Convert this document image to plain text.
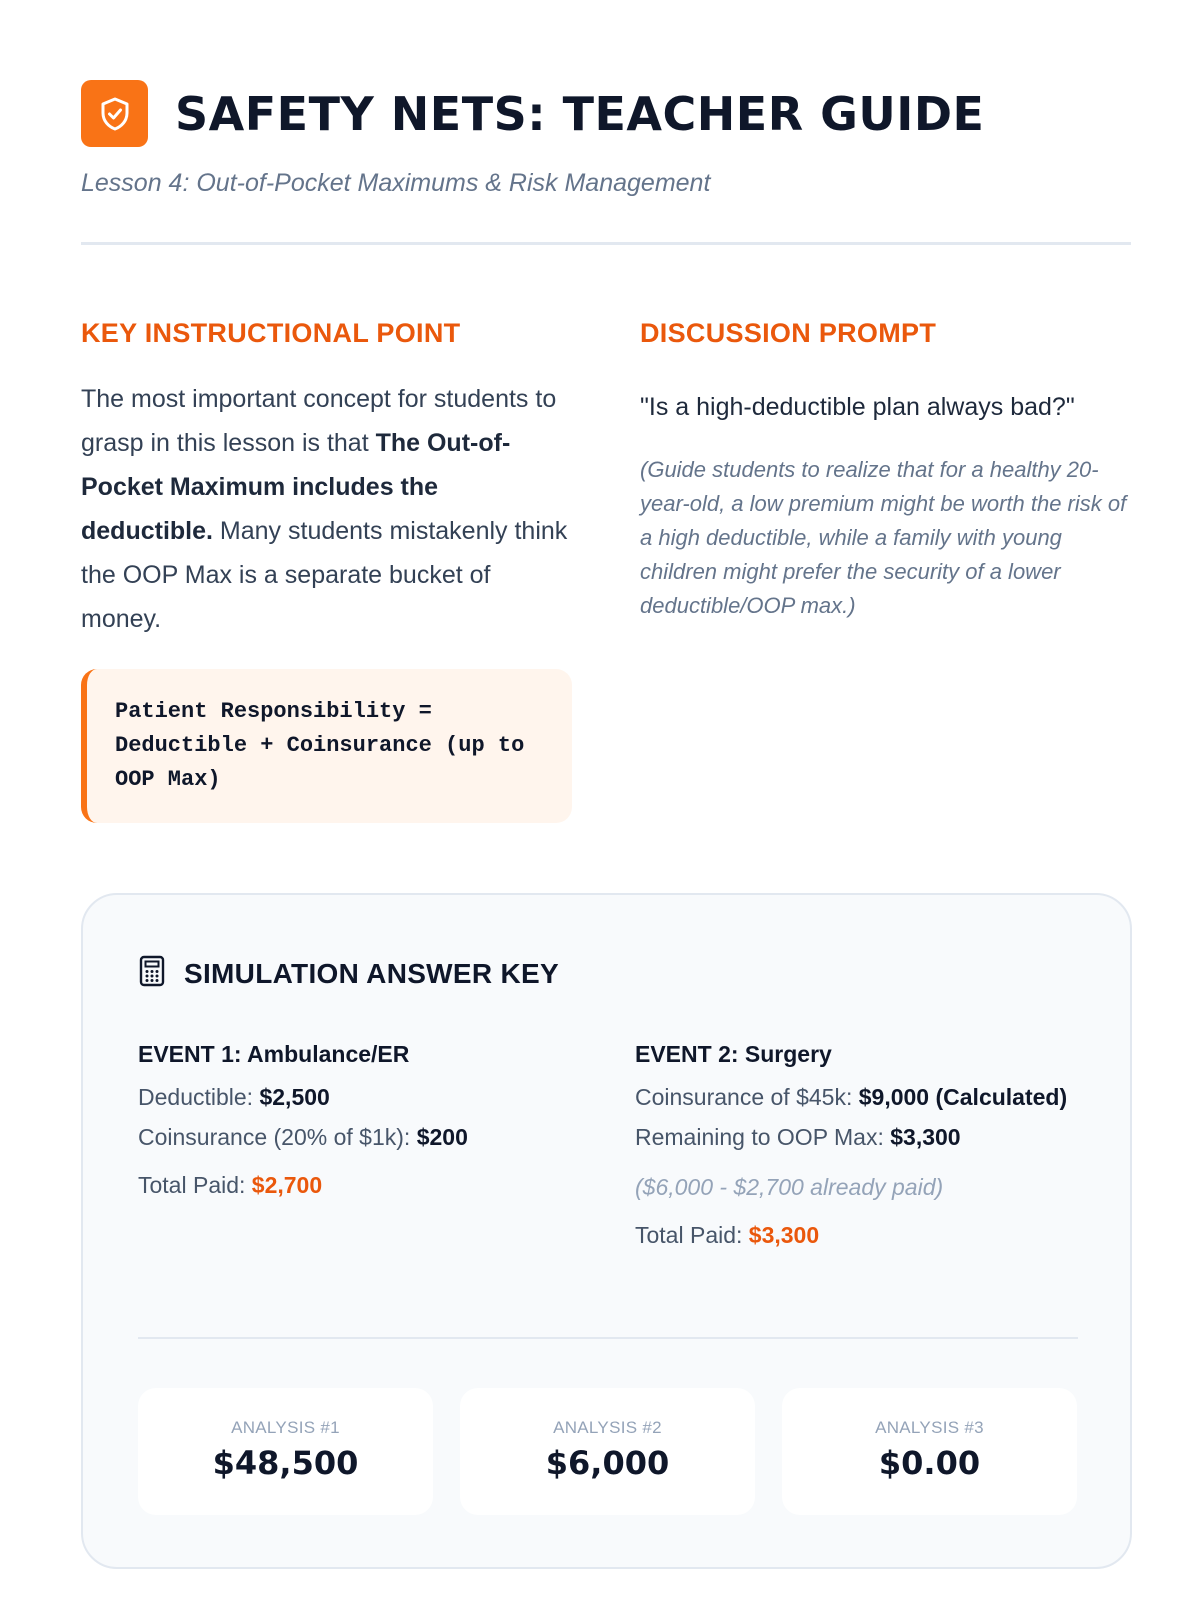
SAFETY NETS: TEACHER GUIDE
Lesson 4: Out-of-Pocket Maximums & Risk Management
KEY INSTRUCTIONAL POINT

The most important concept for students to grasp in this lesson is that The Out-of-Pocket Maximum includes the deductible. Many students mistakenly think the OOP Max is a separate bucket of money.

Patient Responsibility = Deductible + Coinsurance (up to OOP Max)
DISCUSSION PROMPT

"Is a high-deductible plan always bad?"

(Guide students to realize that for a healthy 20-year-old, a low premium might be worth the risk of a high deductible, while a family with young children might prefer the security of a lower deductible/OOP max.)

SIMULATION ANSWER KEY
EVENT 1: Ambulance/ER
Deductible: $2,500
Coinsurance (20% of $1k): $200
Total Paid: $2,700
EVENT 2: Surgery
Coinsurance of $45k: $9,000 (Calculated)
Remaining to OOP Max: $3,300
($6,000 - $2,700 already paid)
Total Paid: $3,300
ANALYSIS #1
$48,500
ANALYSIS #2
$6,000
ANALYSIS #3
$0.00
